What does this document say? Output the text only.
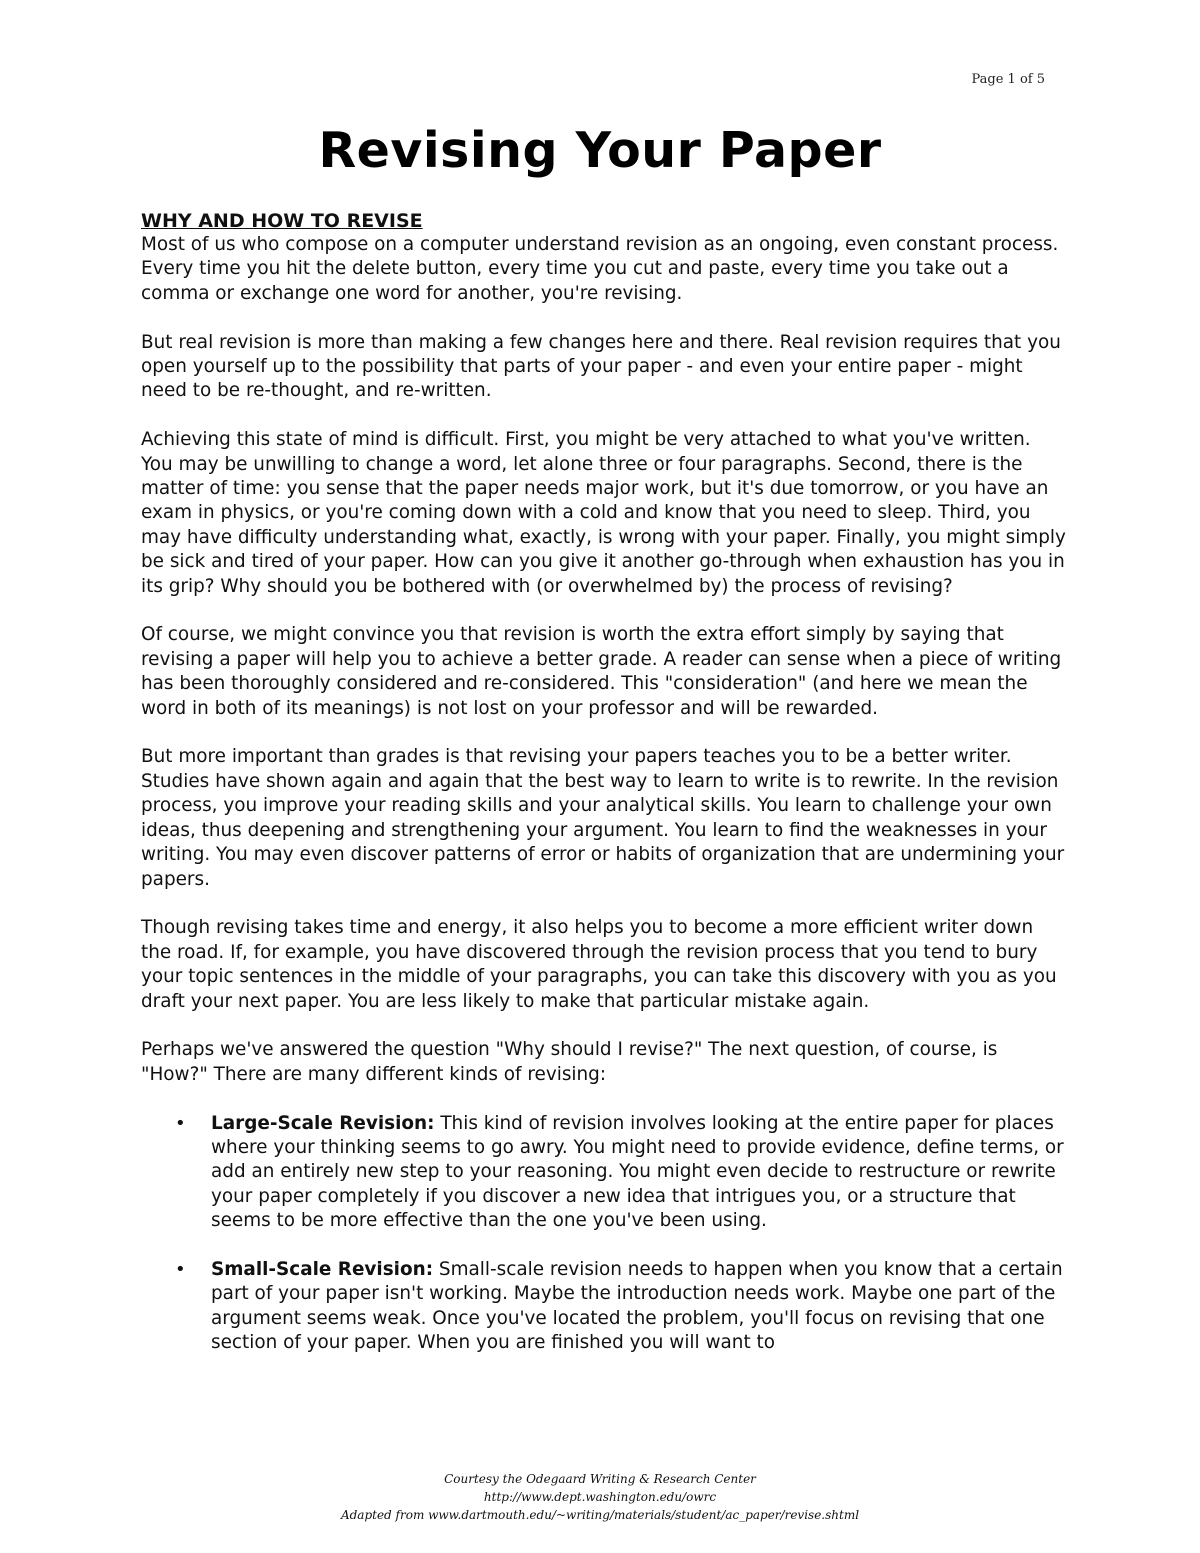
Page 1 of 5
Revising Your Paper
WHY AND HOW TO REVISE

Most of us who compose on a computer understand revision as an ongoing, even constant process. Every time you hit the delete button, every time you cut and paste, every time you take out a comma or exchange one word for another, you're revising.

But real revision is more than making a few changes here and there. Real revision requires that you open yourself up to the possibility that parts of your paper - and even your entire paper - might need to be re-thought, and re-written.

Achieving this state of mind is difficult. First, you might be very attached to what you've written. You may be unwilling to change a word, let alone three or four paragraphs. Second, there is the matter of time: you sense that the paper needs major work, but it's due tomorrow, or you have an exam in physics, or you're coming down with a cold and know that you need to sleep. Third, you may have difficulty understanding what, exactly, is wrong with your paper. Finally, you might simply be sick and tired of your paper. How can you give it another go-through when exhaustion has you in its grip? Why should you be bothered with (or overwhelmed by) the process of revising?

Of course, we might convince you that revision is worth the extra effort simply by saying that revising a paper will help you to achieve a better grade. A reader can sense when a piece of writing has been thoroughly considered and re-considered. This "consideration" (and here we mean the word in both of its meanings) is not lost on your professor and will be rewarded.

But more important than grades is that revising your papers teaches you to be a better writer. Studies have shown again and again that the best way to learn to write is to rewrite. In the revision process, you improve your reading skills and your analytical skills. You learn to challenge your own ideas, thus deepening and strengthening your argument. You learn to find the weaknesses in your writing. You may even discover patterns of error or habits of organization that are undermining your papers.

Though revising takes time and energy, it also helps you to become a more efficient writer down the road. If, for example, you have discovered through the revision process that you tend to bury your topic sentences in the middle of your paragraphs, you can take this discovery with you as you draft your next paper. You are less likely to make that particular mistake again.

Perhaps we've answered the question "Why should I revise?" The next question, of course, is "How?" There are many different kinds of revising:

• Large-Scale Revision: This kind of revision involves looking at the entire paper for places where your thinking seems to go awry. You might need to provide evidence, define terms, or add an entirely new step to your reasoning. You might even decide to restructure or rewrite your paper completely if you discover a new idea that intrigues you, or a structure that seems to be more effective than the one you've been using.
• Small-Scale Revision: Small-scale revision needs to happen when you know that a certain part of your paper isn't working. Maybe the introduction needs work. Maybe one part of the argument seems weak. Once you've located the problem, you'll focus on revising that one section of your paper. When you are finished you will want to
Courtesy the Odegaard Writing & Research Center
http://www.dept.washington.edu/owrc
Adapted from www.dartmouth.edu/~writing/materials/student/ac_paper/revise.shtml
